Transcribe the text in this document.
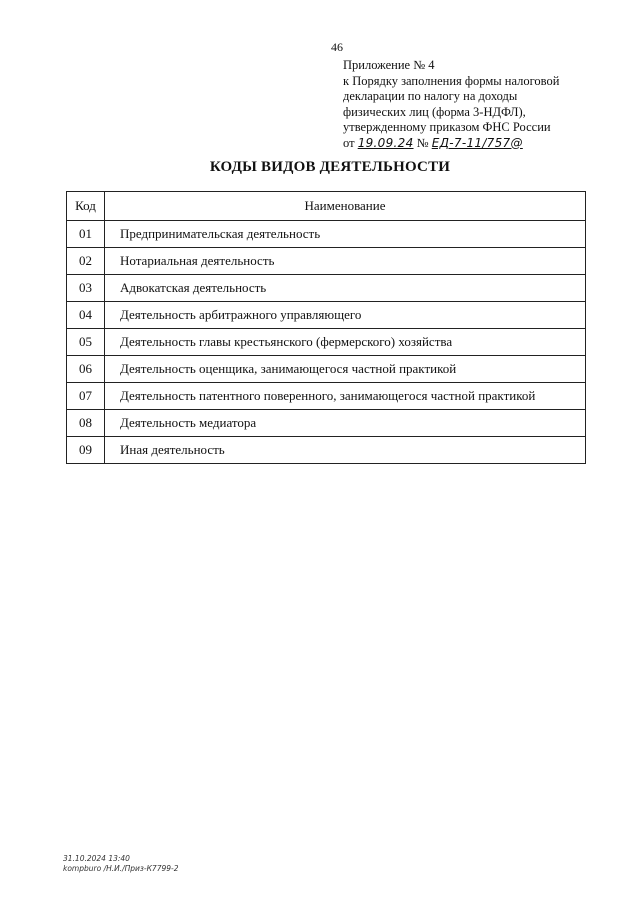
46
Приложение № 4
к Порядку заполнения формы налоговой
декларации по налогу на доходы
физических лиц (форма 3-НДФЛ),
утвержденному приказом ФНС России
от 19.09.24 № ЕД-7-11/757@
КОДЫ ВИДОВ ДЕЯТЕЛЬНОСТИ
Код	Наименование
01	Предпринимательская деятельность
02	Нотариальная деятельность
03	Адвокатская деятельность
04	Деятельность арбитражного управляющего
05	Деятельность главы крестьянского (фермерского) хозяйства
06	Деятельность оценщика, занимающегося частной практикой
07	Деятельность патентного поверенного, занимающегося частной практикой
08	Деятельность медиатора
09	Иная деятельность
31.10.2024 13:40
kompburo /Н.И./Приз-К7799-2
